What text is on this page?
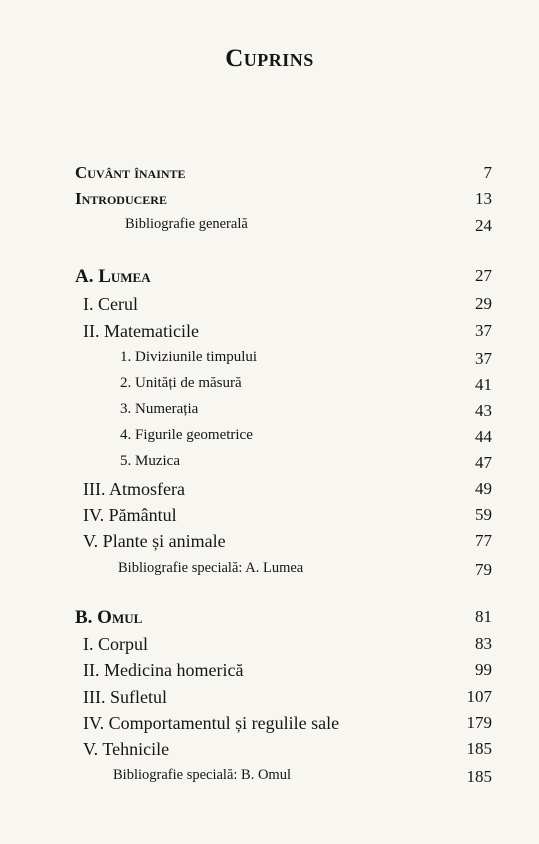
Cuprins
Cuvânt înainte	7
Introducere	13
Bibliografie generală	24
A. Lumea	27
I. Cerul	29
II. Matematicile	37
1. Diviziunile timpului	37
2. Unități de măsură	41
3. Numerația	43
4. Figurile geometrice	44
5. Muzica	47
III. Atmosfera	49
IV. Pământul	59
V. Plante și animale	77
Bibliografie specială: A. Lumea	79
B. Omul	81
I. Corpul	83
II. Medicina homerică	99
III. Sufletul	107
IV. Comportamentul și regulile sale	179
V. Tehnicile	185
Bibliografie specială: B. Omul	185
